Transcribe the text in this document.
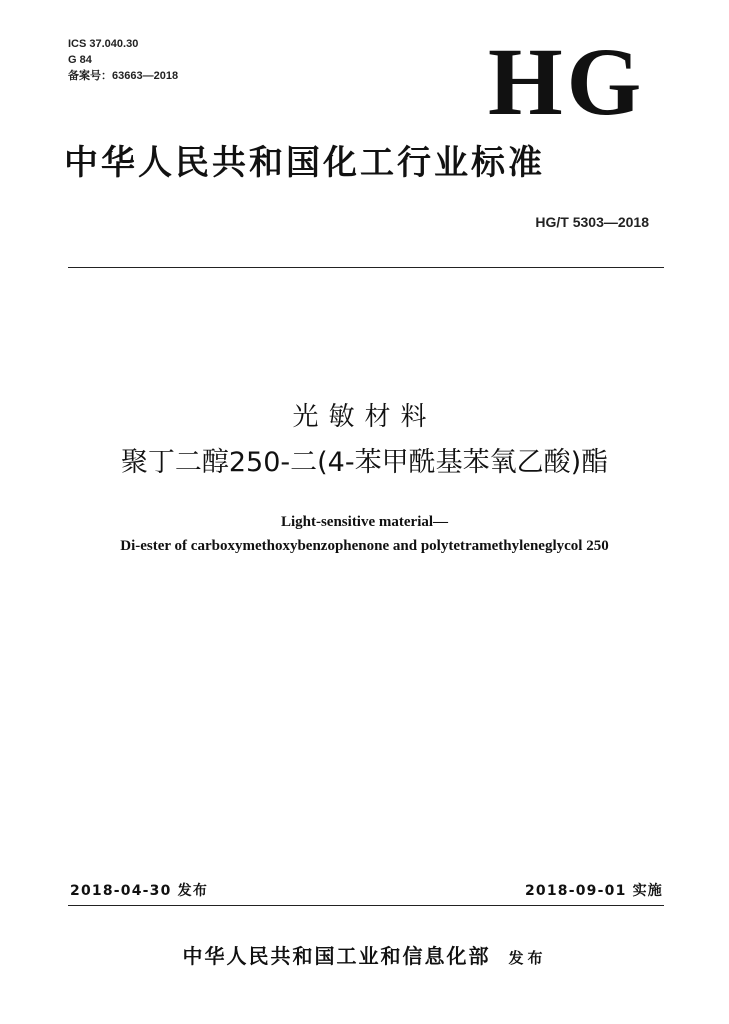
ICS 37.040.30
G 84
备案号：63663—2018	HG
中华人民共和国化工行业标准
HG/T 5303—2018
光敏材料
聚丁二醇250-二(4-苯甲酰基苯氧乙酸)酯
Light-sensitive material—
Di-ester of carboxymethoxybenzophenone and polytetramethyleneglycol 250
2018-04-30 发布	2018-09-01 实施
中华人民共和国工业和信息化部 发布
